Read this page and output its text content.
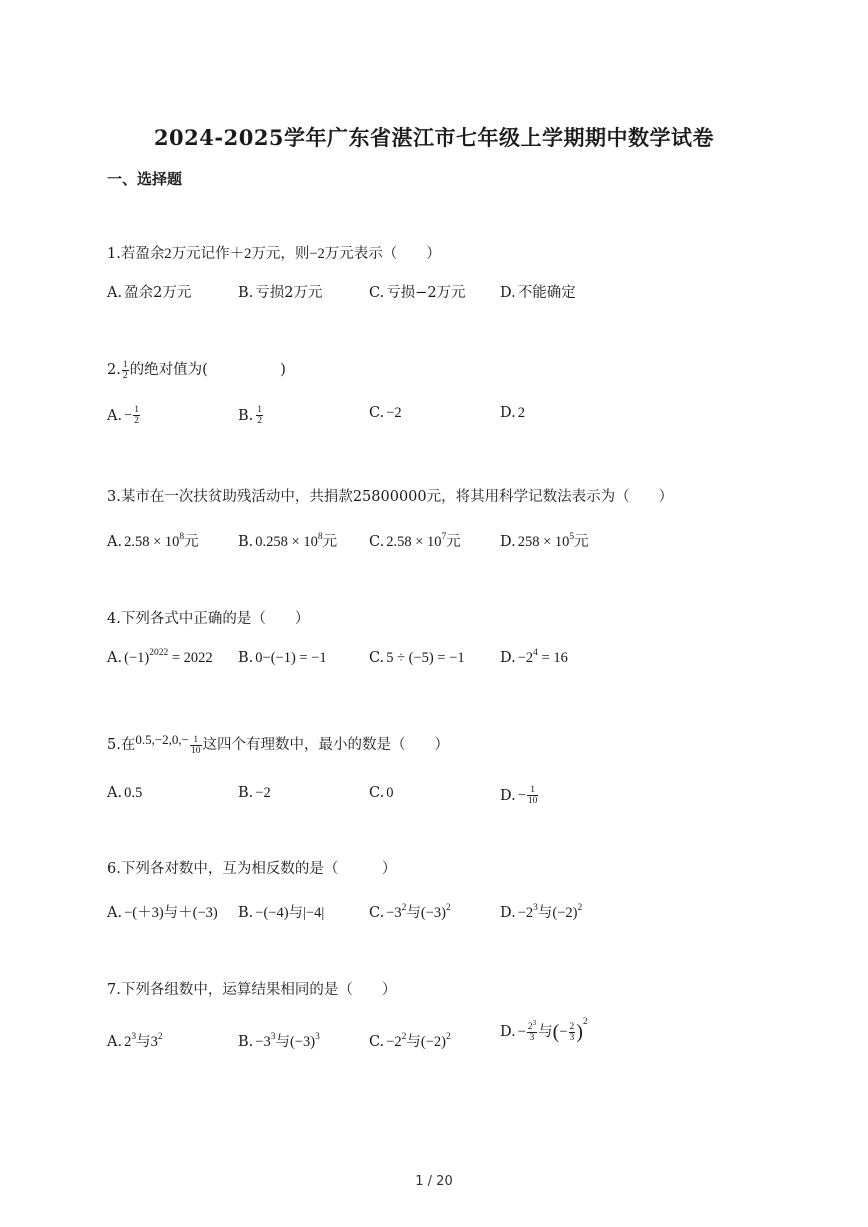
2024-2025学年广东省湛江市七年级上学期期中数学试卷
一、选择题
1.若盈余2万元记作＋2万元，则−2万元表示（　　）
A. 盈余2万元	B. 亏损2万元	C. 亏损−2万元 D. 不能确定
2. $\frac{1}{2}$ 的绝对值为(　　　　　)
A. − $\frac{1}{2}$	B. $\frac{1}{2}$	C. −2	D. 2
3.某市在一次扶贫助残活动中，共捐款25800000元，将其用科学记数法表示为（　　）
A. $2.58 \times 10^8$元	B. $0.258 \times 10^8$元 C. $2.58 \times 10^7$元	D. $258 \times 10^5$元
4.下列各式中正确的是（　　）
A. $(-1)^{2022} = 2022$ B. 0−(−1) = −1	C. 5 ÷ (−5) = −1 D. $-2^4 = 16$
5.在$0.5,-2,0,- \frac{1}{10}$ 这四个有理数中，最小的数是（　　）
A. 0.5	B. −2	C. 0	D. − $\frac{1}{10}$
6.下列各对数中，互为相反数的是（　　　）
A. −(＋3)与＋(−3) B. −(−4)与|−4|	C. $-3^2$与$(-3)^2$	D. $-2^3$与$(-2)^2$
7.下列各组数中，运算结果相同的是（　　）
A. $2^3$与$3^2$	B. $-3^3$与$(-3)^3$	C. $-2^2$与$(-2)^2$	D. − $\frac{2^3}{3}$ 与(− $\frac{2}{3} )^2$
1 / 20
